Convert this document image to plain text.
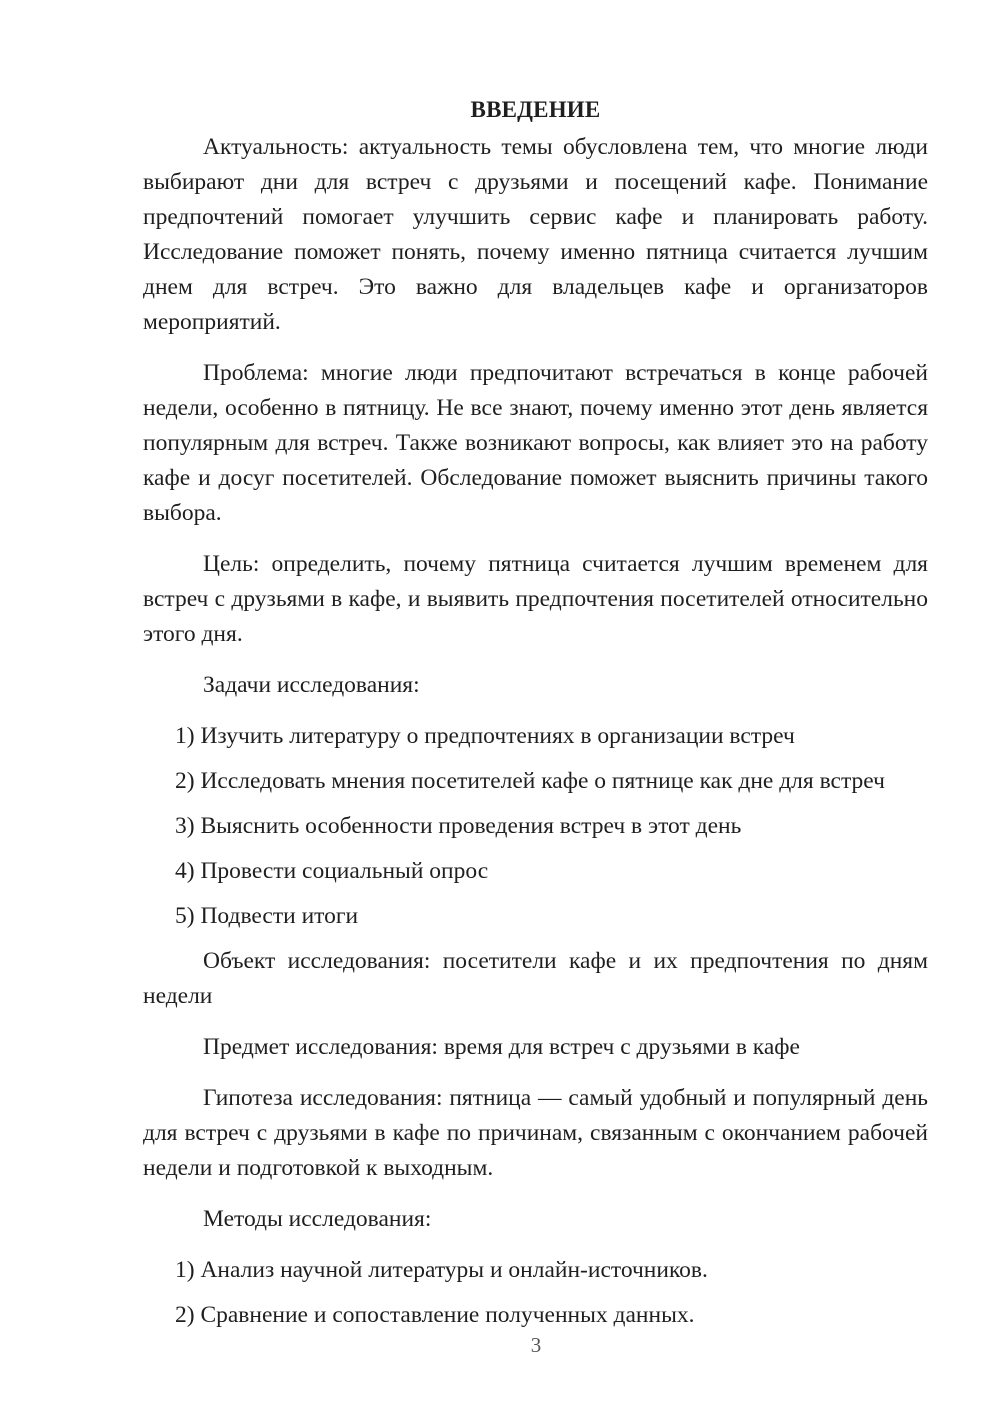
ВВЕДЕНИЕ

Актуальность: актуальность темы обусловлена тем, что многие люди выбирают дни для встреч с друзьями и посещений кафе. Понимание предпочтений помогает улучшить сервис кафе и планировать работу. Исследование поможет понять, почему именно пятница считается лучшим днем для встреч. Это важно для владельцев кафе и организаторов мероприятий.

Проблема: многие люди предпочитают встречаться в конце рабочей недели, особенно в пятницу. Не все знают, почему именно этот день является популярным для встреч. Также возникают вопросы, как влияет это на работу кафе и досуг посетителей. Обследование поможет выяснить причины такого выбора.

Цель: определить, почему пятница считается лучшим временем для встреч с друзьями в кафе, и выявить предпочтения посетителей относительно этого дня.

Задачи исследования:

1) Изучить литературу о предпочтениях в организации встреч
2) Исследовать мнения посетителей кафе о пятнице как дне для встреч
3) Выяснить особенности проведения встреч в этот день
4) Провести социальный опрос
5) Подвести итоги

Объект исследования: посетители кафе и их предпочтения по дням недели

Предмет исследования: время для встреч с друзьями в кафе

Гипотеза исследования: пятница — самый удобный и популярный день для встреч с друзьями в кафе по причинам, связанным с окончанием рабочей недели и подготовкой к выходным.

Методы исследования:

1) Анализ научной литературы и онлайн-источников.
2) Сравнение и сопоставление полученных данных.
3
